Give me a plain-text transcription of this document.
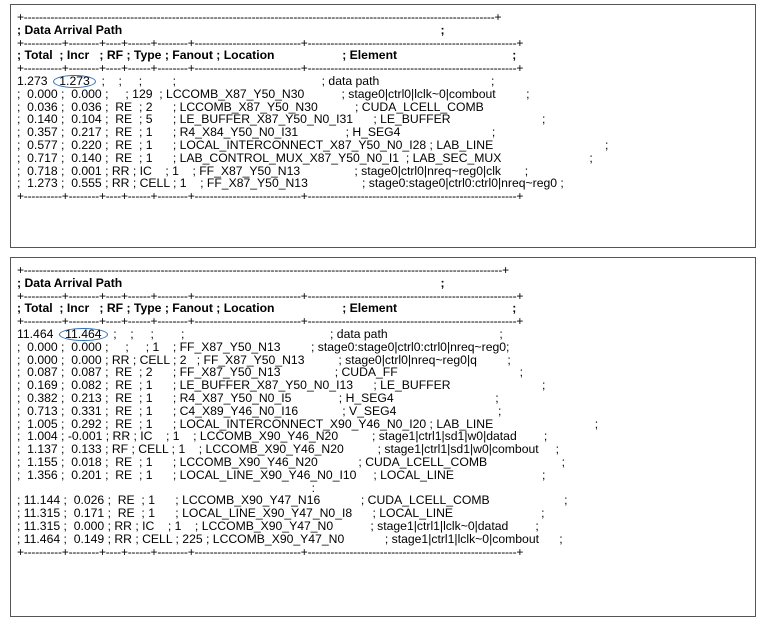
+----------------------------------------------------------------------------------------------------------------------------+
; Data Arrival Path                                                                                              ;
+----------+--------+----+------+--------+----------------------------+-------------------------------------------------------+
; Total  ; Incr   ; RF ; Type ; Fanout ; Location                    ; Element                                  ;
+----------+--------+----+------+--------+----------------------------+-------------------------------------------------------+
1.273  1.273  ;    ;     ;         ;                                           ; data path                                 ;
;  0.000 ;  0.000 ;     ; 129  ; LCCOMB_X87_Y50_N30           ; stage0|ctrl0|lclk~0|combout         ;
;  0.036 ;  0.036 ;  RE  ; 2      ; LCCOMB_X87_Y50_N30           ; CUDA_LCELL_COMB
;  0.140 ;  0.104 ;  RE  ; 5      ; LE_BUFFER_X87_Y50_N0_I31      ; LE_BUFFER                           ;
;  0.357 ;  0.217 ;  RE  ; 1      ; R4_X84_Y50_N0_I31              ; H_SEG4                           ;
;  0.577 ;  0.220 ;  RE  ; 1      ; LOCAL_INTERCONNECT_X87_Y50_N0_I28 ; LAB_LINE                                 ;
;  0.717 ;  0.140 ;  RE  ; 1      ; LAB_CONTROL_MUX_X87_Y50_N0_I1  ; LAB_SEC_MUX                          ;
;  0.718 ;  0.001 ; RR ; IC    ; 1    ; FF_X87_Y50_N13                ; stage0|ctrl0|nreq~reg0|clk       ;
;  1.273 ;  0.555 ; RR ; CELL ; 1    ; FF_X87_Y50_N13                ; stage0:stage0|ctrl0:ctrl0|nreq~reg0 ;
+----------+--------+----+------+--------+----------------------------+-------------------------------------------------------+
+------------------------------------------------------------------------------------------------------------------------------+
; Data Arrival Path                                                                                              ;
+----------+--------+----+------+--------+----------------------------+-------------------------------------------------------+
; Total  ; Incr   ; RF ; Type ; Fanout ; Location                    ; Element                                  ;
+----------+--------+----+------+--------+----------------------------+-------------------------------------------------------+
11.464  11.464  ;    ;     ;        ;                                           ; data path                                 ;
;  0.000 ;  0.000 ;     ;     ; 1    ; FF_X87_Y50_N13         ; stage0:stage0|ctrl0:ctrl0|nreq~reg0;
;  0.000 ;  0.000 ; RR ; CELL ; 2   ; FF_X87_Y50_N13          ; stage0|ctrl0|nreq~reg0|q         ;
;  0.087 ;  0.087 ;  RE  ; 2      ; FF_X87_Y50_N13                ; CUDA_FF                                    ;
;  0.169 ;  0.082 ;  RE  ; 1      ; LE_BUFFER_X87_Y50_N0_I13      ; LE_BUFFER                           ;
;  0.382 ;  0.213 ;  RE  ; 1      ; R4_X87_Y50_N0_I5              ; H_SEG4                              ;
;  0.713 ;  0.331 ;  RE  ; 1      ; C4_X89_Y46_N0_I16             ; V_SEG4                              ;
;  1.005 ;  0.292 ;  RE  ; 1      ; LOCAL_INTERCONNECT_X90_Y46_N0_I20 ; LAB_LINE                              ;
;  1.004 ; -0.001 ; RR ; IC    ; 1    ; LCCOMB_X90_Y46_N20          ; stage1|ctrl1|sd1|w0|datad        ;
;  1.137 ;  0.133 ; RF ; CELL ; 1    ; LCCOMB_X90_Y46_N20          ; stage1|ctrl1|sd1|w0|combout     ;
;  1.155 ;  0.018 ;  RE  ; 1      ; LCCOMB_X90_Y46_N20            ; CUDA_LCELL_COMB                      ;
;  1.356 ;  0.201 ;  RE  ; 1      ; LOCAL_LINE_X90_Y46_N0_I10     ; LOCAL_LINE                          ;
:
; 11.144 ;  0.026 ;  RE  ; 1      ; LCCOMB_X90_Y47_N16            ; CUDA_LCELL_COMB                      ;
; 11.315 ;  0.171 ;  RE  ; 1      ; LOCAL_LINE_X90_Y47_N0_I8      ; LOCAL_LINE                          ;
; 11.315 ;  0.000 ; RR ; IC    ; 1    ; LCCOMB_X90_Y47_N0           ; stage1|ctrl1|lclk~0|datad        ;
; 11.464 ;  0.149 ; RR ; CELL ; 225 ; LCCOMB_X90_Y47_N0            ; stage1|ctrl1|lclk~0|combout      ;
+----------+--------+----+------+--------+----------------------------+-------------------------------------------------------+
